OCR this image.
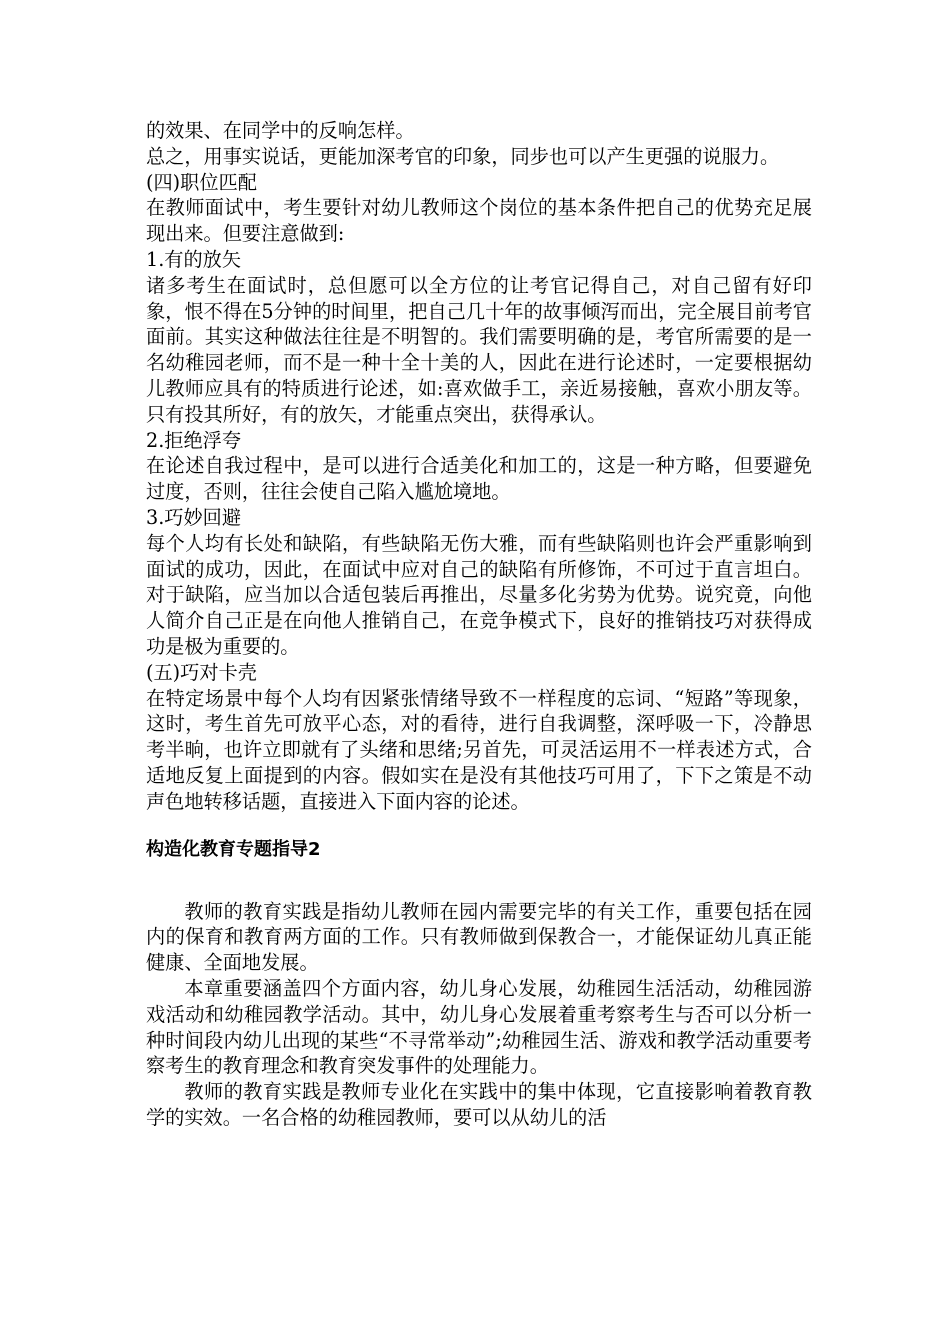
的效果、在同学中的反响怎样。

总之，用事实说话，更能加深考官的印象，同步也可以产生更强的说服力。

(四)职位匹配

在教师面试中，考生要针对幼儿教师这个岗位的基本条件把自己的优势充足展现出来。但要注意做到:

1.有的放矢

诸多考生在面试时，总但愿可以全方位的让考官记得自己，对自己留有好印象，恨不得在5分钟的时间里，把自己几十年的故事倾泻而出，完全展目前考官面前。其实这种做法往往是不明智的。我们需要明确的是，考官所需要的是一名幼稚园老师，而不是一种十全十美的人，因此在进行论述时，一定要根据幼儿教师应具有的特质进行论述，如:喜欢做手工，亲近易接触，喜欢小朋友等。只有投其所好，有的放矢，才能重点突出，获得承认。

2.拒绝浮夸

在论述自我过程中，是可以进行合适美化和加工的，这是一种方略，但要避免过度，否则，往往会使自己陷入尴尬境地。

3.巧妙回避

每个人均有长处和缺陷，有些缺陷无伤大雅，而有些缺陷则也许会严重影响到面试的成功，因此，在面试中应对自己的缺陷有所修饰，不可过于直言坦白。对于缺陷，应当加以合适包装后再推出，尽量多化劣势为优势。说究竟，向他人简介自己正是在向他人推销自己，在竞争模式下，良好的推销技巧对获得成功是极为重要的。

(五)巧对卡壳

在特定场景中每个人均有因紧张情绪导致不一样程度的忘词、“短路”等现象，这时，考生首先可放平心态，对的看待，进行自我调整，深呼吸一下，冷静思考半晌，也许立即就有了头绪和思绪;另首先，可灵活运用不一样表述方式，合适地反复上面提到的内容。假如实在是没有其他技巧可用了，下下之策是不动声色地转移话题，直接进入下面内容的论述。

构造化教育专题指导2

教师的教育实践是指幼儿教师在园内需要完毕的有关工作，重要包括在园内的保育和教育两方面的工作。只有教师做到保教合一，才能保证幼儿真正能健康、全面地发展。

本章重要涵盖四个方面内容，幼儿身心发展，幼稚园生活活动，幼稚园游戏活动和幼稚园教学活动。其中，幼儿身心发展着重考察考生与否可以分析一种时间段内幼儿出现的某些“不寻常举动”;幼稚园生活、游戏和教学活动重要考察考生的教育理念和教育突发事件的处理能力。

教师的教育实践是教师专业化在实践中的集中体现，它直接影响着教育教学的实效。一名合格的幼稚园教师，要可以从幼儿的活
